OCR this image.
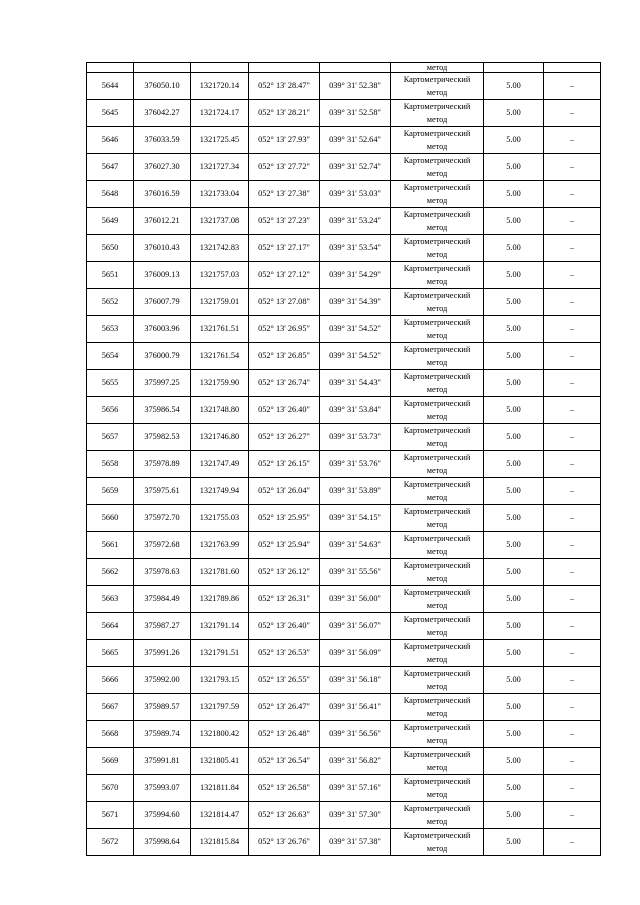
					метод		
5644	376050.10	1321720.14	052° 13' 28.47"	039° 31' 52.38"	Картометрический
метод	5.00	–
5645	376042.27	1321724.17	052° 13' 28.21"	039° 31' 52.58"	Картометрический
метод	5.00	–
5646	376033.59	1321725.45	052° 13' 27.93"	039° 31' 52.64"	Картометрический
метод	5.00	–
5647	376027.30	1321727.34	052° 13' 27.72"	039° 31' 52.74"	Картометрический
метод	5.00	–
5648	376016.59	1321733.04	052° 13' 27.38"	039° 31' 53.03"	Картометрический
метод	5.00	–
5649	376012.21	1321737.08	052° 13' 27.23"	039° 31' 53.24"	Картометрический
метод	5.00	–
5650	376010.43	1321742.83	052° 13' 27.17"	039° 31' 53.54"	Картометрический
метод	5.00	–
5651	376009.13	1321757.03	052° 13' 27.12"	039° 31' 54.29"	Картометрический
метод	5.00	–
5652	376007.79	1321759.01	052° 13' 27.08"	039° 31' 54.39"	Картометрический
метод	5.00	–
5653	376003.96	1321761.51	052° 13' 26.95"	039° 31' 54.52"	Картометрический
метод	5.00	–
5654	376000.79	1321761.54	052° 13' 26.85"	039° 31' 54.52"	Картометрический
метод	5.00	–
5655	375997.25	1321759.90	052° 13' 26.74"	039° 31' 54.43"	Картометрический
метод	5.00	–
5656	375986.54	1321748.80	052° 13' 26.40"	039° 31' 53.84"	Картометрический
метод	5.00	–
5657	375982.53	1321746.80	052° 13' 26.27"	039° 31' 53.73"	Картометрический
метод	5.00	–
5658	375978.89	1321747.49	052° 13' 26.15"	039° 31' 53.76"	Картометрический
метод	5.00	–
5659	375975.61	1321749.94	052° 13' 26.04"	039° 31' 53.89"	Картометрический
метод	5.00	–
5660	375972.70	1321755.03	052° 13' 25.95"	039° 31' 54.15"	Картометрический
метод	5.00	–
5661	375972.68	1321763.99	052° 13' 25.94"	039° 31' 54.63"	Картометрический
метод	5.00	–
5662	375978.63	1321781.60	052° 13' 26.12"	039° 31' 55.56"	Картометрический
метод	5.00	–
5663	375984.49	1321789.86	052° 13' 26.31"	039° 31' 56.00"	Картометрический
метод	5.00	–
5664	375987.27	1321791.14	052° 13' 26.40"	039° 31' 56.07"	Картометрический
метод	5.00	–
5665	375991.26	1321791.51	052° 13' 26.53"	039° 31' 56.09"	Картометрический
метод	5.00	–
5666	375992.00	1321793.15	052° 13' 26.55"	039° 31' 56.18"	Картометрический
метод	5.00	–
5667	375989.57	1321797.59	052° 13' 26.47"	039° 31' 56.41"	Картометрический
метод	5.00	–
5668	375989.74	1321800.42	052° 13' 26.48"	039° 31' 56.56"	Картометрический
метод	5.00	–
5669	375991.81	1321805.41	052° 13' 26.54"	039° 31' 56.82"	Картометрический
метод	5.00	–
5670	375993.07	1321811.84	052° 13' 26.58"	039° 31' 57.16"	Картометрический
метод	5.00	–
5671	375994.60	1321814.47	052° 13' 26.63"	039° 31' 57.30"	Картометрический
метод	5.00	–
5672	375998.64	1321815.84	052° 13' 26.76"	039° 31' 57.38"	Картометрический
метод	5.00	–
